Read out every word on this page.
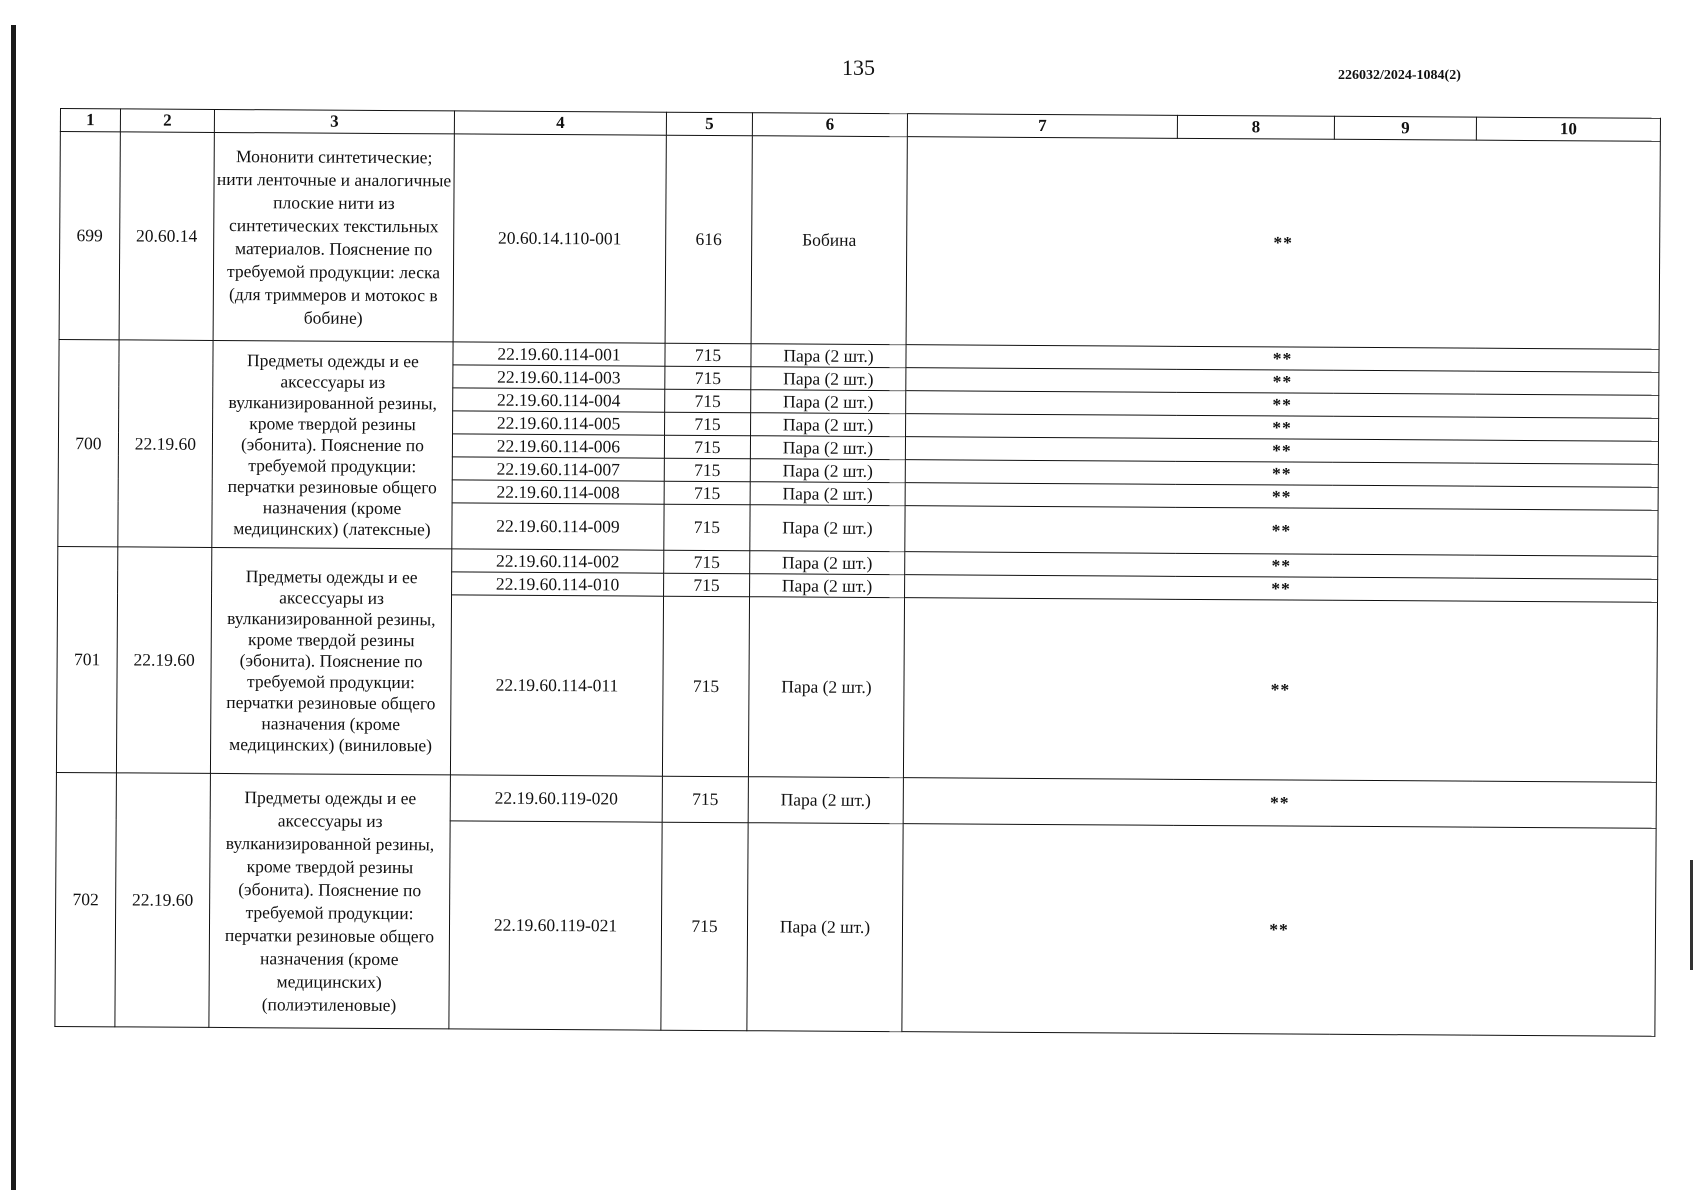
135	226032/2024-1084(2)
1	2	3	4	5	6	7	8	9	10
699	20.60.14	Мононити синтетические; нити ленточные и аналогичные плоские нити из синтетических текстильных материалов. Пояснение по требуемой продукции: леска (для триммеров и мотокос в бобине)	20.60.14.110-001	616	Бобина	**			
700	22.19.60	Предметы одежды и ее аксессуары из вулканизированной резины, кроме твердой резины (эбонита). Пояснение по требуемой продукции: перчатки резиновые общего назначения (кроме медицинских) (латексные)	22.19.60.114-001	715	Пара (2 шт.)	**			
			22.19.60.114-003	715	Пара (2 шт.)	**			
			22.19.60.114-004	715	Пара (2 шт.)	**			
			22.19.60.114-005	715	Пара (2 шт.)	**			
			22.19.60.114-006	715	Пара (2 шт.)	**			
			22.19.60.114-007	715	Пара (2 шт.)	**			
			22.19.60.114-008	715	Пара (2 шт.)	**			
			22.19.60.114-009	715	Пара (2 шт.)	**			
701	22.19.60	Предметы одежды и ее аксессуары из вулканизированной резины, кроме твердой резины (эбонита). Пояснение по требуемой продукции: перчатки резиновые общего назначения (кроме медицинских) (виниловые)	22.19.60.114-002	715	Пара (2 шт.)	**			
			22.19.60.114-010	715	Пара (2 шт.)	**			
			22.19.60.114-011	715	Пара (2 шт.)	**			
702	22.19.60	Предметы одежды и ее аксессуары из вулканизированной резины, кроме твердой резины (эбонита). Пояснение по требуемой продукции: перчатки резиновые общего назначения (кроме медицинских) (полиэтиленовые)	22.19.60.119-020	715	Пара (2 шт.)	**			
			22.19.60.119-021	715	Пара (2 шт.)	**			
